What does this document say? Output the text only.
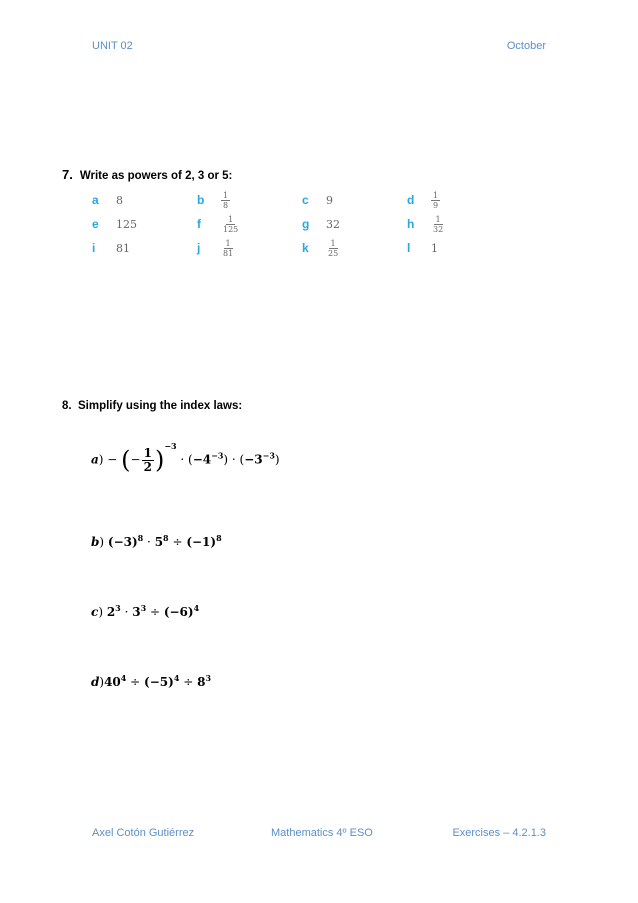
UNIT 02	October
7. Write as powers of 2, 3 or 5:
a	8	b	$\frac{1}{8}$	c	9	d	$\frac{1}{9}$
e	125	f	$\frac{1}{125}$	g	32	h	$\frac{1}{32}$
i	81	j	$\frac{1}{81}$	k	$\frac{1}{25}$	l	1
8. Simplify using the index laws:
a) − (− $\frac{1}{2} )^{-3} \cdot (-4^{-3}) \cdot (-3^{-3})$
b) $(-3)^8 \cdot 5^8 \div (-1)^8$
c) $2^3 \cdot 3^3 \div (-6)^4$
$d)40^4 \div (-5)^4 \div 8^3$
Axel Cotón Gutiérrez	Mathematics 4º ESO	Exercises – 4.2.1.3
